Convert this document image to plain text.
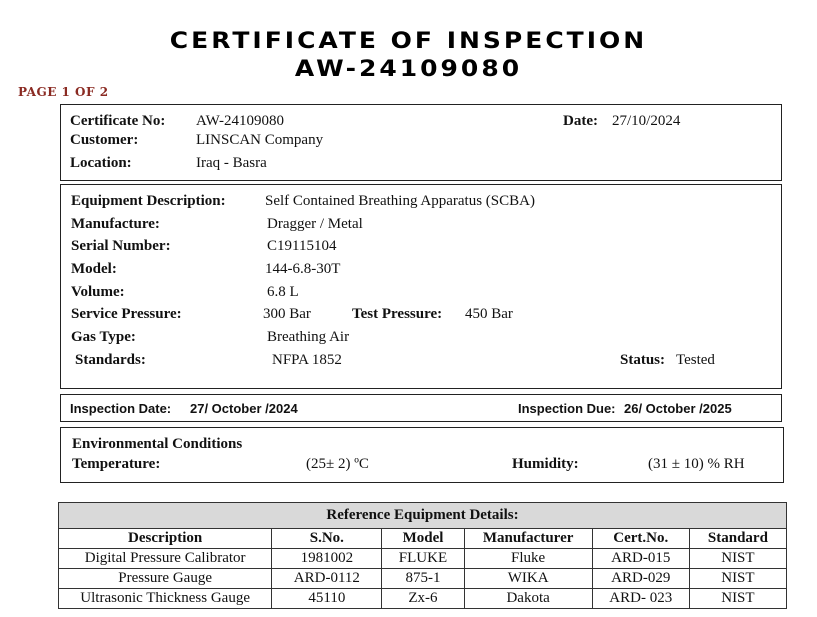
CERTIFICATE OF INSPECTION
AW-24109080
PAGE 1 OF 2
Certificate No: AW-24109080	Date: 27/10/2024
Customer:	LINSCAN Company
Location:	Iraq - Basra
Equipment Description:	Self Contained Breathing Apparatus (SCBA)
Manufacture:	Dragger / Metal
Serial Number:	C19115104
Model:	144-6.8-30T
Volume:	6.8 L
Service Pressure:	300 Bar	Test Pressure: 450 Bar
Gas Type:	Breathing Air
Standards:	NFPA 1852	Status: Tested
Inspection Date: 27/ October /2024	Inspection Due: 26/ October /2025
Environmental Conditions
Temperature:	(25± 2) ºC	Humidity:	(31 ± 10) % RH
Reference Equipment Details:					
Description	S.No.	Model	Manufacturer	Cert.No.	Standard
Digital Pressure Calibrator	1981002	FLUKE	Fluke	ARD-015	NIST
Pressure Gauge	ARD-0112	875-1	WIKA	ARD-029	NIST
Ultrasonic Thickness Gauge	45110	Zx-6	Dakota	ARD- 023	NIST
